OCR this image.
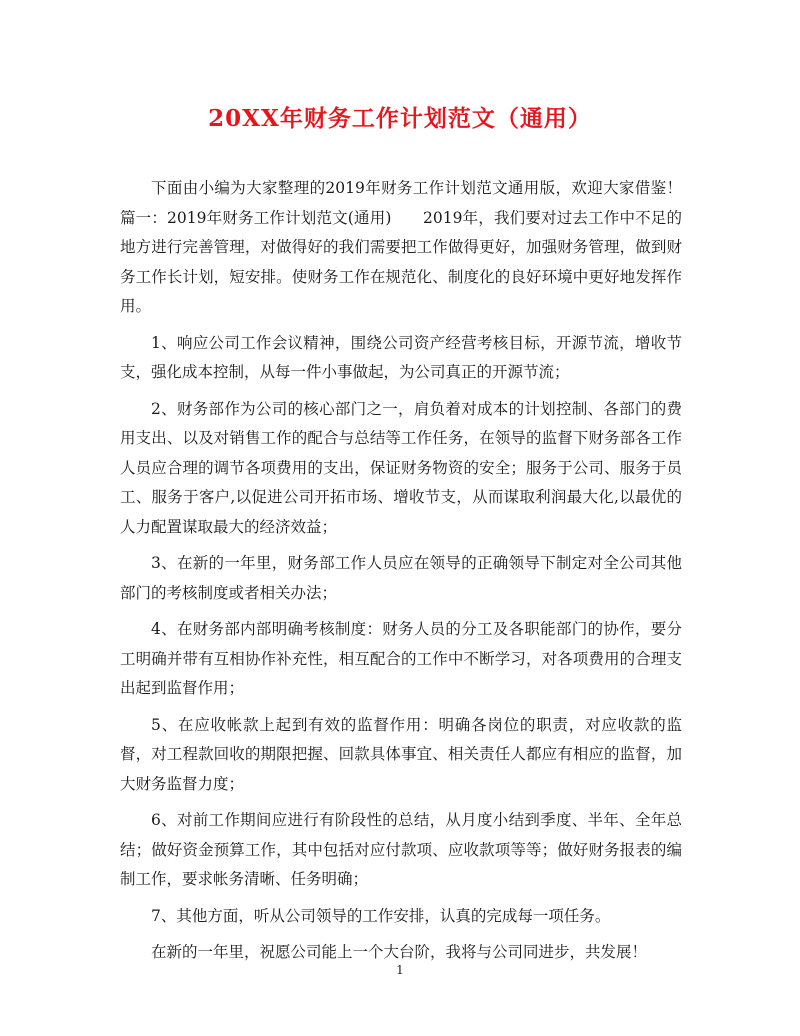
20XX年财务工作计划范文（通用）

下面由小编为大家整理的2019年财务工作计划范文通用版，欢迎大家借鉴！篇一：2019年财务工作计划范文(通用)　　2019年，我们要对过去工作中不足的地方进行完善管理，对做得好的我们需要把工作做得更好，加强财务管理，做到财务工作长计划，短安排。使财务工作在规范化、制度化的良好环境中更好地发挥作用。

1、响应公司工作会议精神，围绕公司资产经营考核目标，开源节流，增收节支，强化成本控制，从每一件小事做起，为公司真正的开源节流；

2、财务部作为公司的核心部门之一，肩负着对成本的计划控制、各部门的费用支出、以及对销售工作的配合与总结等工作任务，在领导的监督下财务部各工作人员应合理的调节各项费用的支出，保证财务物资的安全；服务于公司、服务于员工、服务于客户,以促进公司开拓市场、增收节支，从而谋取利润最大化,以最优的人力配置谋取最大的经济效益；

3、在新的一年里，财务部工作人员应在领导的正确领导下制定对全公司其他部门的考核制度或者相关办法；

4、在财务部内部明确考核制度：财务人员的分工及各职能部门的协作，要分工明确并带有互相协作补充性，相互配合的工作中不断学习，对各项费用的合理支出起到监督作用；

5、在应收帐款上起到有效的监督作用：明确各岗位的职责，对应收款的监督，对工程款回收的期限把握、回款具体事宜、相关责任人都应有相应的监督，加大财务监督力度；

6、对前工作期间应进行有阶段性的总结，从月度小结到季度、半年、全年总结；做好资金预算工作，其中包括对应付款项、应收款项等等；做好财务报表的编制工作，要求帐务清晰、任务明确；

7、其他方面，听从公司领导的工作安排，认真的完成每一项任务。

在新的一年里，祝愿公司能上一个大台阶，我将与公司同进步，共发展！

1
